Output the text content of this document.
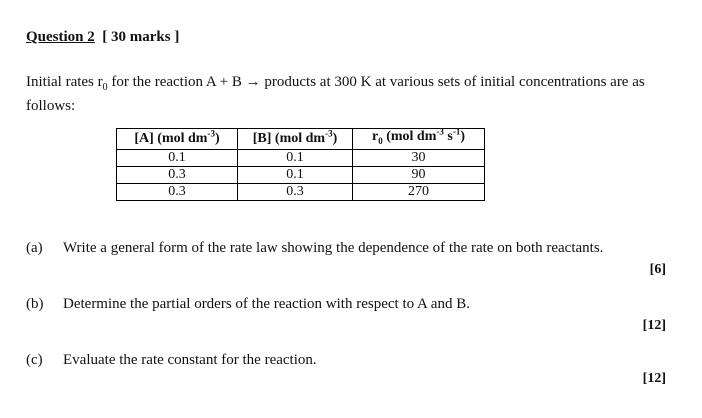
Question 2 [ 30 marks ]
Initial rates $r_0$ for the reaction A + B → products at 300 K at various sets of initial concentrations are as follows:
[A] (mol $dm^{-3}$)	[B] (mol $dm^{-3}$)	$r_0$ (mol $dm^{-3}$ $s^{-1}$)
0.1	0.1	30
0.3	0.1	90
0.3	0.3	270
(a) Write a general form of the rate law showing the dependence of the rate on both reactants.
[6]
(b) Determine the partial orders of the reaction with respect to A and B.
[12]
(c) Evaluate the rate constant for the reaction.
[12]
